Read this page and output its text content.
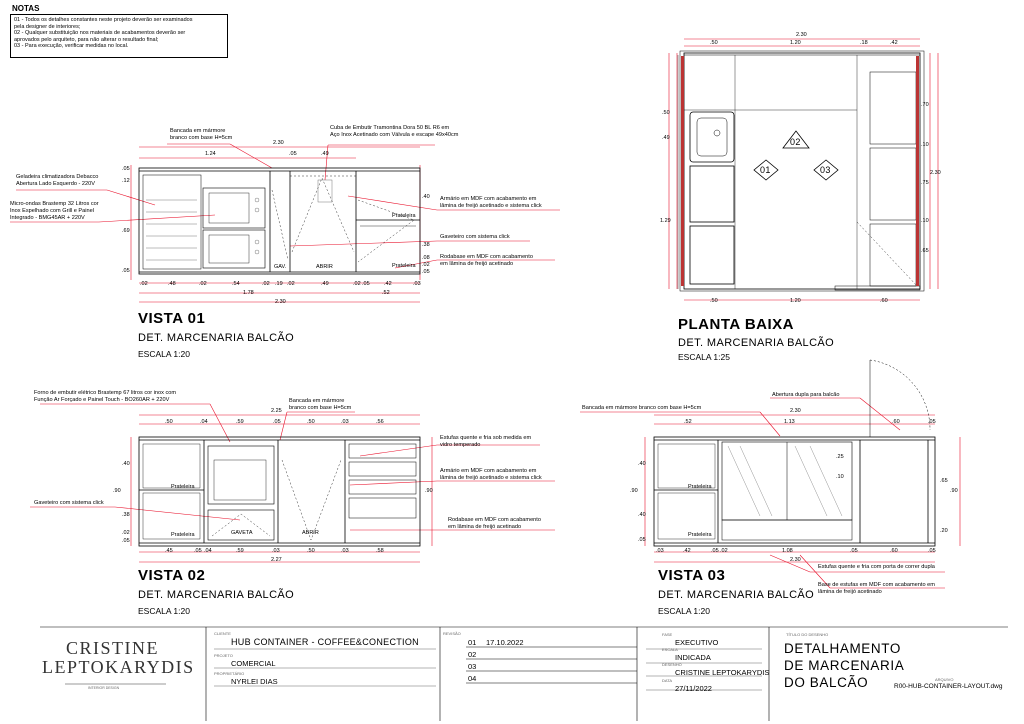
NOTAS
01 - Todos os detalhes constantes neste projeto deverão ser examinados
pela designer de interiores;
02 - Qualquer substituição nos materiais de acabamentos deverão ser
aprovados pelo arquiteto, para não alterar o resultado final;
03 - Para execução, verificar medidas no local.
Bancada em mármore
branco com base H=5cm
Cuba de Embutir Tramontina Dora 50 BL R6 em
Aço Inox Acetinado com Válvula e escape 49x40cm
Geladeira climatizadora Debacco
Abertura Lado Esquerdo - 220V
Micro-ondas Brastemp 32 Litros cor
Inox Espelhado com Grill e Painel
Integrado - BMG45AR + 220V
Armário em MDF com acabamento em
lâmina de freijó acetinado e sistema click
Gaveteiro com sistema click
Rodabase em MDF com acabamento
em lâmina de freijó acetinado
GAV.	ABRIR
Prateleira
Prateleira
2.30
1.24	.05	.49
.02	.48	.02	.54	.02 .19 .02	.49	.02 .05	.42	.03
1.78	.52
2.30
.05
.12
.69
.05
.40
.38
.02
.05
.08
VISTA 01
DET. MARCENARIA BALCÃO
ESCALA 1:20
2.30
.50	1.20	.18	.42
.50	1.20	.60
.50
.49
1.29
2.30
.70
.10
.75
.10
.65
02
01	03
PLANTA BAIXA
DET. MARCENARIA BALCÃO
ESCALA 1:25
Forno de embutir elétrico Brastemp 67 litros cor inox com
Função Ar Forçado e Painel Touch - BO260AR + 220V	Bancada em mármore
branco com base H=5cm
Estufas quente e fria sob medida em
vidro temperado
Armário em MDF com acabamento em
lâmina de freijó acetinado e sistema click
Gaveteiro com sistema click
Rodabase em MDF com acabamento
em lâmina de freijó acetinado
Prateleira
Prateleira	GAVETA	ABRIR
2.25
.50	.04	.59	.05	.50	.03	.56
.45	.05 .04	.59	.03	.50	.03	.58
2.27
.40
.90
.38
.02
.05
.90
VISTA 02
DET. MARCENARIA BALCÃO
ESCALA 1:20
Bancada em mármore branco com base H=5cm
Abertura dupla para balcão
Estufas quente e fria com porta de correr dupla
Base de estufas em MDF com acabamento em
lâmina de freijó acetinado
Prateleira
Prateleira
2.30
.52	1.13	.60	.05
.03	.42	.05 .02	1.08	.05	.60	.05
2.30
.90
.40
.40
.05
.65
.90
.20
.25
.10
VISTA 03
DET. MARCENARIA BALCÃO
ESCALA 1:20
CRISTINE
LEPTOKARYDIS
INTERIOR DESIGN
CLIENTE
HUB CONTAINER - COFFEE&CONECTION
PROJETO
COMERCIAL
PROPRIETÁRIO
NYRLEI DIAS
REVISÃO
01 17.10.2022
02
03
04
FASE
EXECUTIVO
ESCALA
INDICADA
DESENHO
CRISTINE LEPTOKARYDIS
DATA
27/11/2022
TÍTULO DO DESENHO
DETALHAMENTO
DE MARCENARIA
DO BALCÃO	ARQUIVO
R00-HUB-CONTAINER-LAYOUT.dwg
